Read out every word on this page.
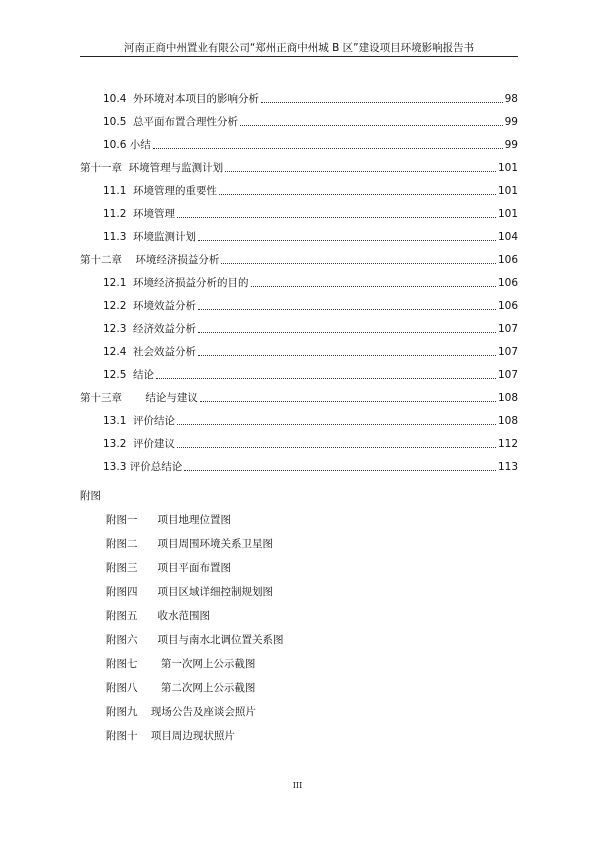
河南正商中州置业有限公司“郑州正商中州城 B 区”建设项目环境影响报告书
10.4  外环境对本项目的影响分析	98
10.5  总平面布置合理性分析	99
10.6 小结	99
第十一章  环境管理与监测计划	101
11.1  环境管理的重要性	101
11.2  环境管理	101
11.3  环境监测计划	104
第十二章    环境经济损益分析	106
12.1  环境经济损益分析的目的	106
12.2  环境效益分析	106
12.3  经济效益分析	107
12.4  社会效益分析	107
12.5  结论	107
第十三章       结论与建议	108
13.1  评价结论	108
13.2  评价建议	112
13.3 评价总结论	113
附图
附图一      项目地理位置图
附图二      项目周围环境关系卫星图
附图三      项目平面布置图
附图四      项目区域详细控制规划图
附图五      收水范围图
附图六      项目与南水北调位置关系图
附图七       第一次网上公示截图
附图八       第二次网上公示截图
附图九    现场公告及座谈会照片
附图十    项目周边现状照片
III
